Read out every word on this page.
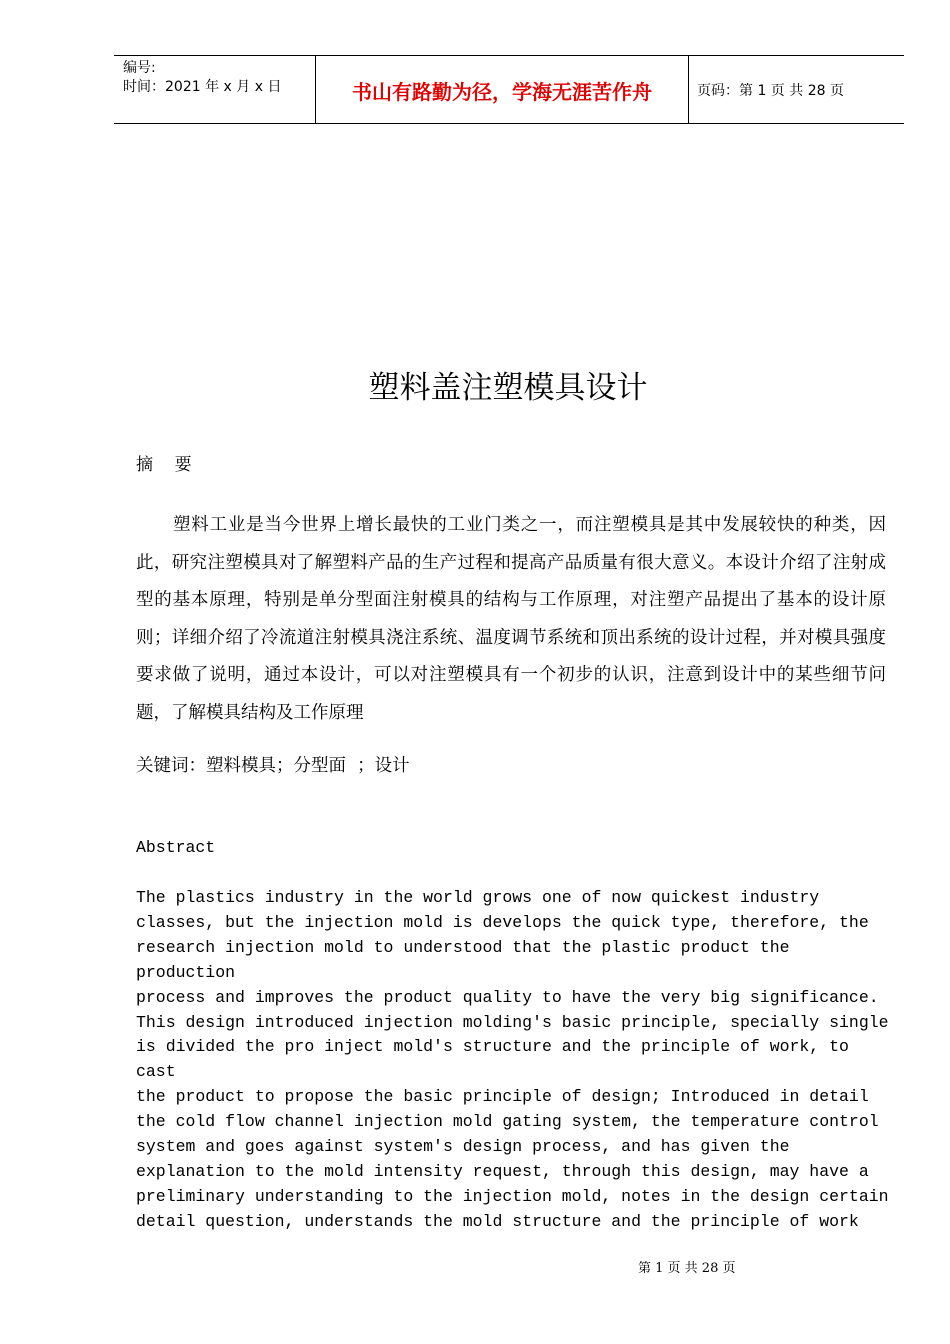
编号:
时间：2021 年 x 月 x 日	书山有路勤为径，学海无涯苦作舟	页码：第 1 页 共 28 页
塑料盖注塑模具设计
摘    要
塑料工业是当今世界上增长最快的工业门类之一，而注塑模具是其中发展较快的种类，因此，研究注塑模具对了解塑料产品的生产过程和提高产品质量有很大意义。本设计介绍了注射成型的基本原理，特别是单分型面注射模具的结构与工作原理，对注塑产品提出了基本的设计原则；详细介绍了冷流道注射模具浇注系统、温度调节系统和顶出系统的设计过程，并对模具强度要求做了说明，通过本设计，可以对注塑模具有一个初步的认识，注意到设计中的某些细节问题，了解模具结构及工作原理
关键词：塑料模具；分型面  ；设计
Abstract
The plastics industry in the world grows one of now quickest industry
classes, but the injection mold is develops the quick type, therefore, the
research injection mold to understood that the plastic product the production
process and improves the product quality to have the very big significance.
This design introduced injection molding's basic principle, specially single
is divided the pro inject mold's structure and the principle of work, to cast
the product to propose the basic principle of design; Introduced in detail
the cold flow channel injection mold gating system, the temperature control
system and goes against system's design process, and has given the
explanation to the mold intensity request, through this design, may have a
preliminary understanding to the injection mold, notes in the design certain
detail question, understands the mold structure and the principle of work
第 1 页 共 28 页
